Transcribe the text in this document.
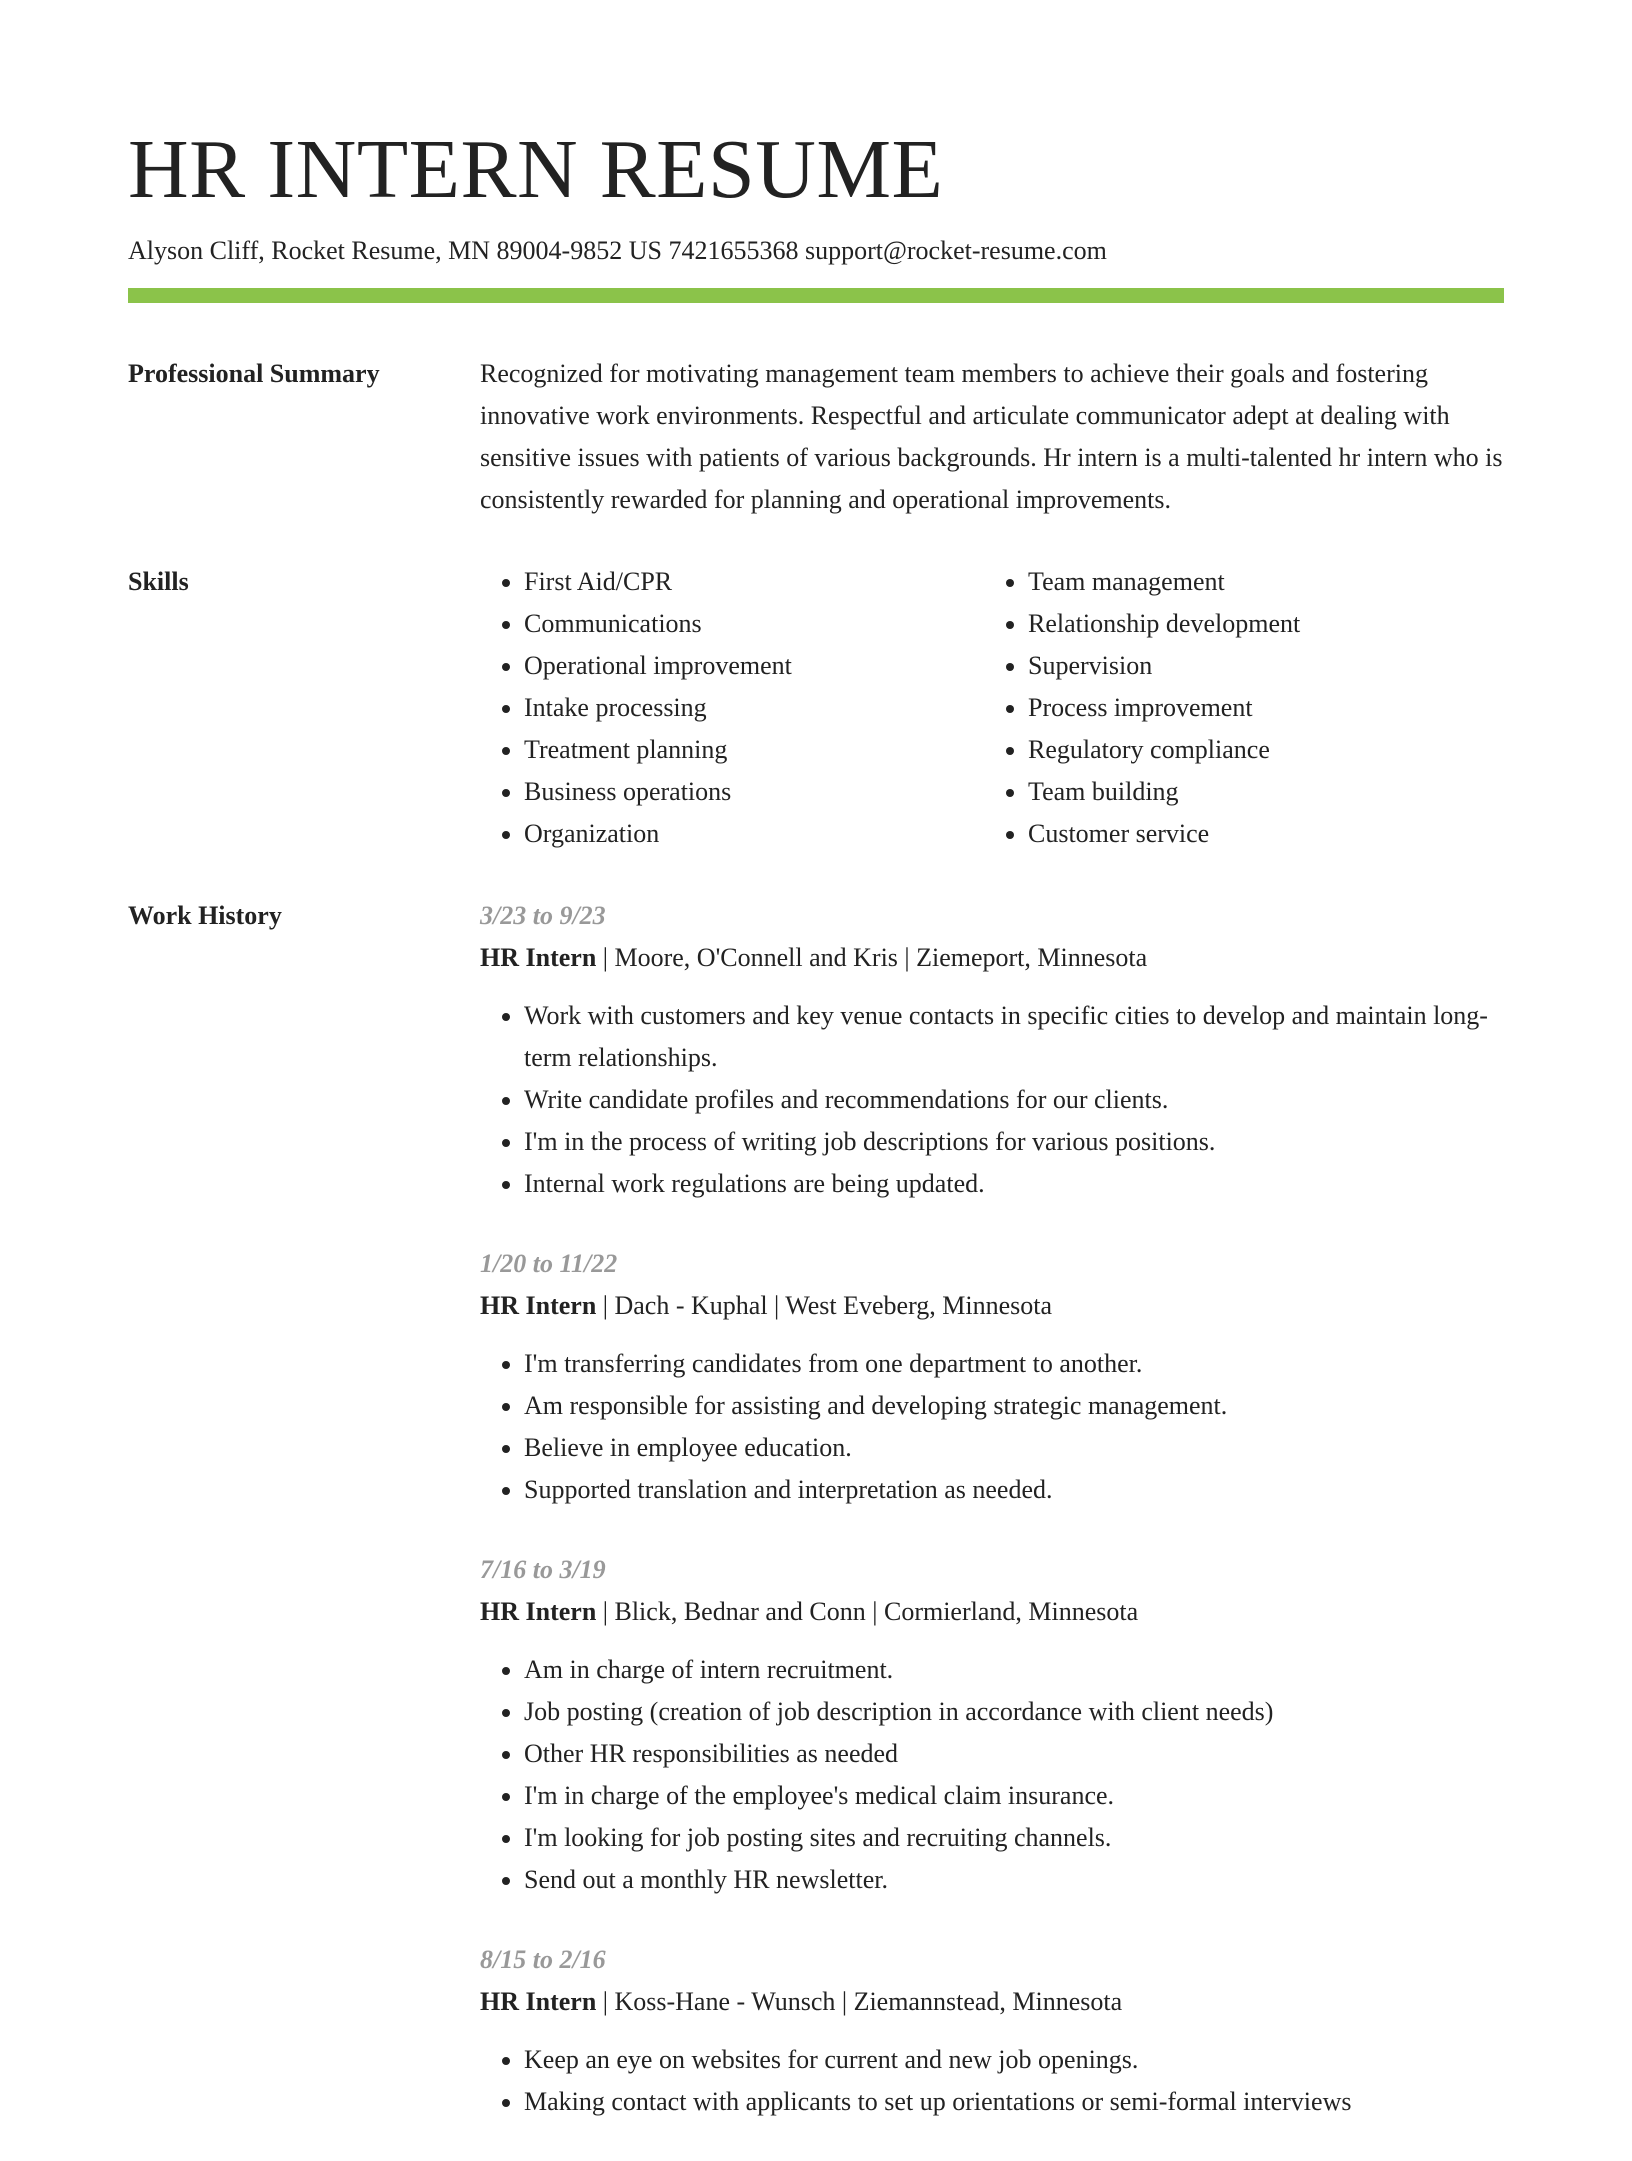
HR INTERN RESUME
Alyson Cliff, Rocket Resume, MN 89004-9852 US 7421655368 support@rocket-resume.com
Professional Summary	Recognized for motivating management team members to achieve their goals and fostering innovative work environments. Respectful and articulate communicator adept at dealing with sensitive issues with patients of various backgrounds. Hr intern is a multi-talented hr intern who is consistently rewarded for planning and operational improvements.

Skills
•	First Aid/CPR
• Communications
• Operational improvement
• Intake processing
• Treatment planning
• Business operations
• Organization
• Team management
• Relationship development
• Supervision
• Process improvement
• Regulatory compliance
• Team building
• Customer service
Work History	3/23 to 9/23
HR Intern | Moore, O'Connell and Kris | Ziemeport, Minnesota
• Work with customers and key venue contacts in specific cities to develop and maintain long-term relationships.
• Write candidate profiles and recommendations for our clients.
• I'm in the process of writing job descriptions for various positions.
• Internal work regulations are being updated.
1/20 to 11/22
HR Intern | Dach - Kuphal | West Eveberg, Minnesota
• I'm transferring candidates from one department to another.
• Am responsible for assisting and developing strategic management.
• Believe in employee education.
• Supported translation and interpretation as needed.
7/16 to 3/19
HR Intern | Blick, Bednar and Conn | Cormierland, Minnesota
• Am in charge of intern recruitment.
• Job posting (creation of job description in accordance with client needs)
• Other HR responsibilities as needed
• I'm in charge of the employee's medical claim insurance.
• I'm looking for job posting sites and recruiting channels.
• Send out a monthly HR newsletter.
8/15 to 2/16
HR Intern | Koss-Hane - Wunsch | Ziemannstead, Minnesota
• Keep an eye on websites for current and new job openings.
• Making contact with applicants to set up orientations or semi-formal interviews
